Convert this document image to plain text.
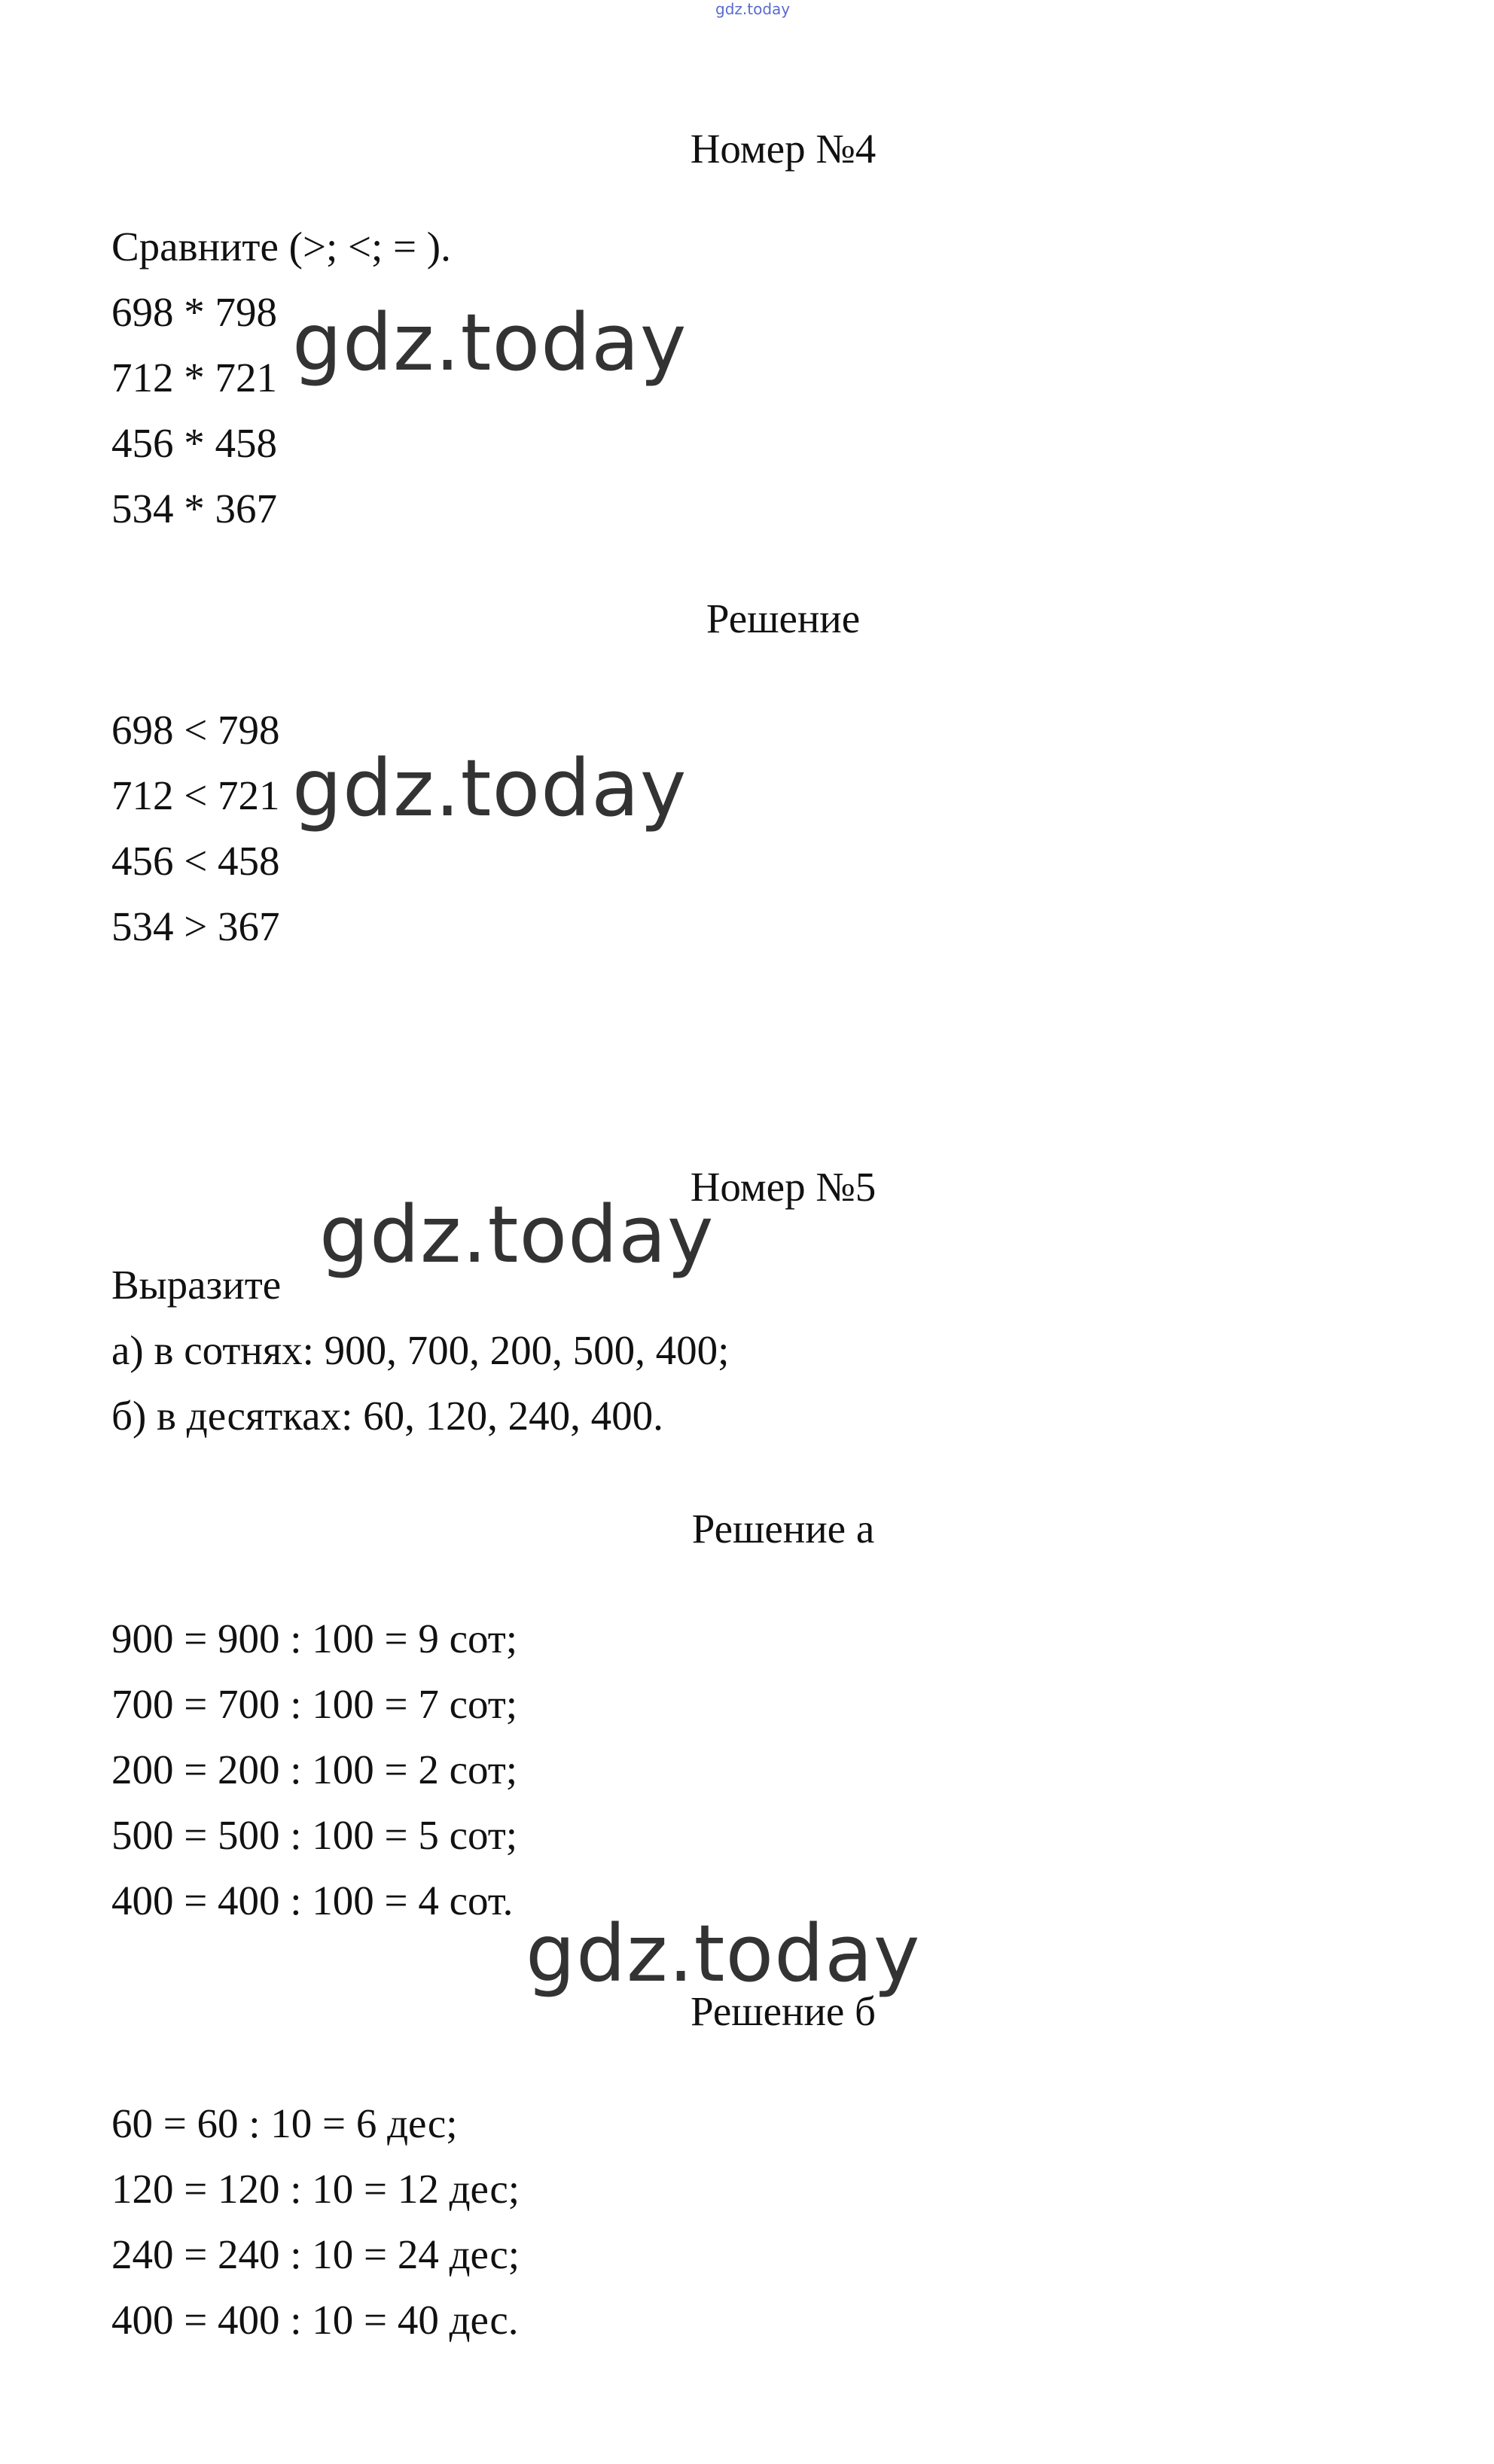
gdz.today
Номер №4
Сравните (>; <; = ).
698 * 798
712 * 721
456 * 458
534 * 367
gdz.today
Решение
698 < 798
712 < 721
456 < 458
534 > 367
gdz.today
Номер №5
gdz.today
Выразите
а) в сотнях: 900, 700, 200, 500, 400;
б) в десятках: 60, 120, 240, 400.
Решение а
900 = 900 : 100 = 9 сот;
700 = 700 : 100 = 7 сот;
200 = 200 : 100 = 2 сот;
500 = 500 : 100 = 5 сот;
400 = 400 : 100 = 4 сот.
gdz.today
Решение б
60 = 60 : 10 = 6 дес;
120 = 120 : 10 = 12 дес;
240 = 240 : 10 = 24 дес;
400 = 400 : 10 = 40 дес.
